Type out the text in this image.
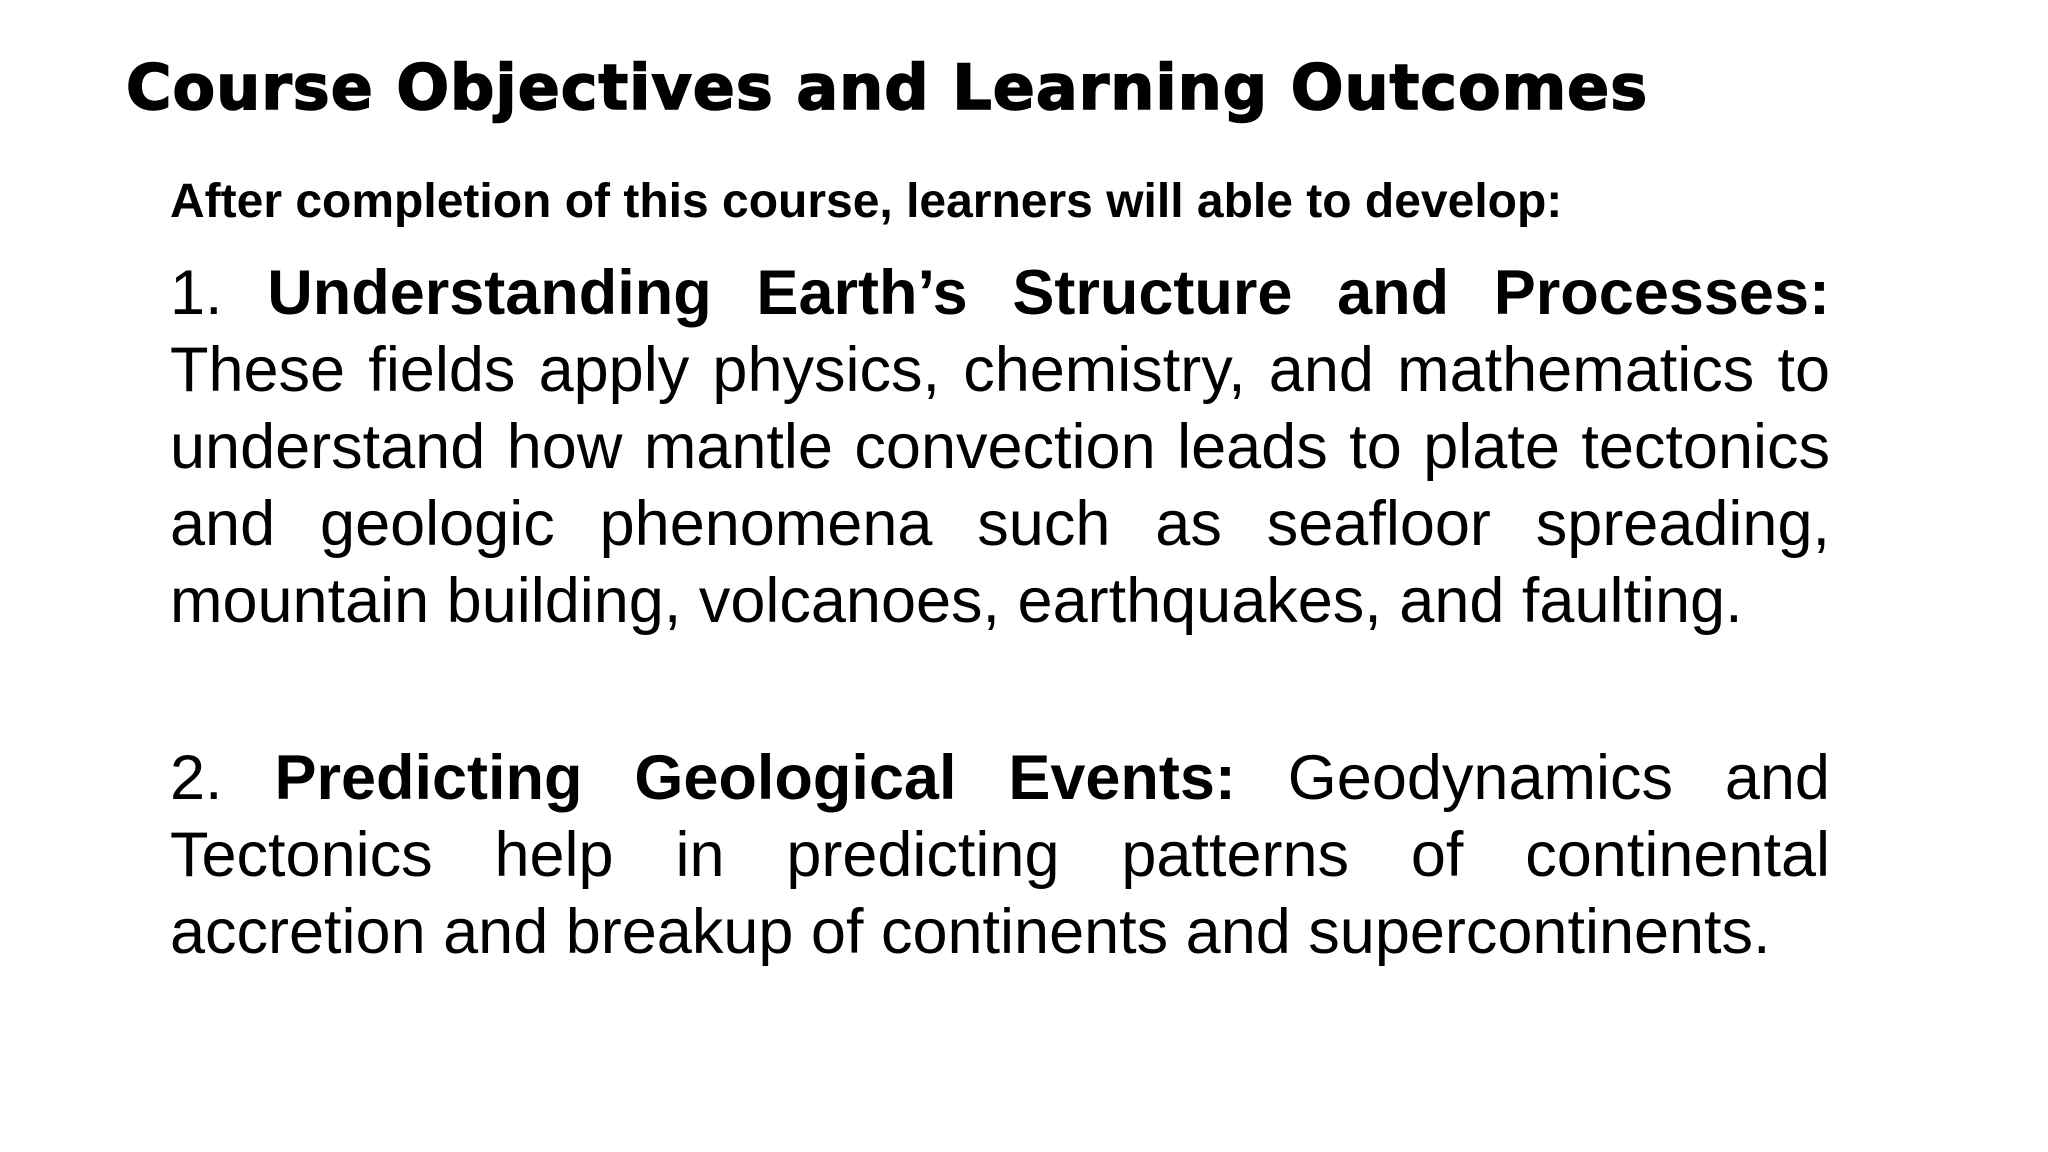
Course Objectives and Learning Outcomes

After completion of this course, learners will able to develop:

1. Understanding Earth’s Structure and Processes: These fields apply physics, chemistry, and mathematics to understand how mantle convection leads to plate tectonics and geologic phenomena such as seafloor spreading, mountain building, volcanoes, earthquakes, and faulting.

2. Predicting Geological Events: Geodynamics and Tectonics help in predicting patterns of continental accretion and breakup of continents and supercontinents.
